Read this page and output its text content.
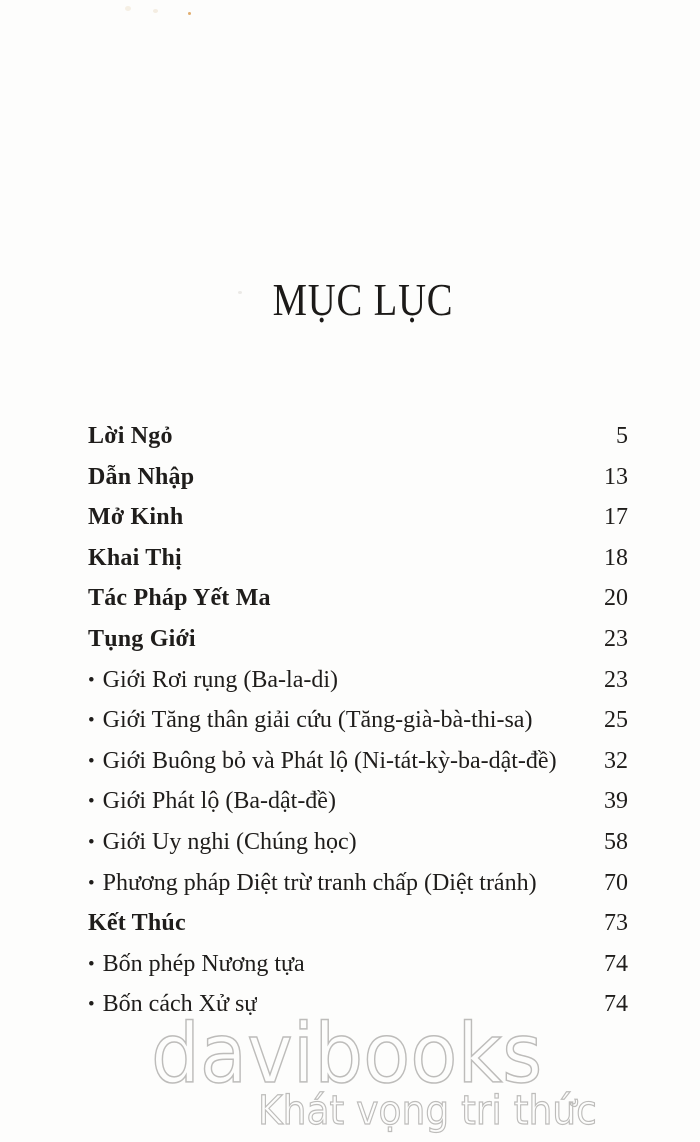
MỤC LỤC
Lời Ngỏ	5
Dẫn Nhập	13
Mở Kinh	17
Khai Thị	18
Tác Pháp Yết Ma	20
Tụng Giới	23
• Giới Rơi rụng (Ba-la-di)	23
• Giới Tăng thân giải cứu (Tăng-già-bà-thi-sa)	25
• Giới Buông bỏ và Phát lộ (Ni-tát-kỳ-ba-dật-đề) 32
• Giới Phát lộ (Ba-dật-đề)	39
• Giới Uy nghi (Chúng học)	58
• Phương pháp Diệt trừ tranh chấp (Diệt tránh)	70
Kết Thúc	73
• Bốn phép Nương tựa	74
• Bốn cách Xử sự	74
davibooks
Khát vọng tri thức
